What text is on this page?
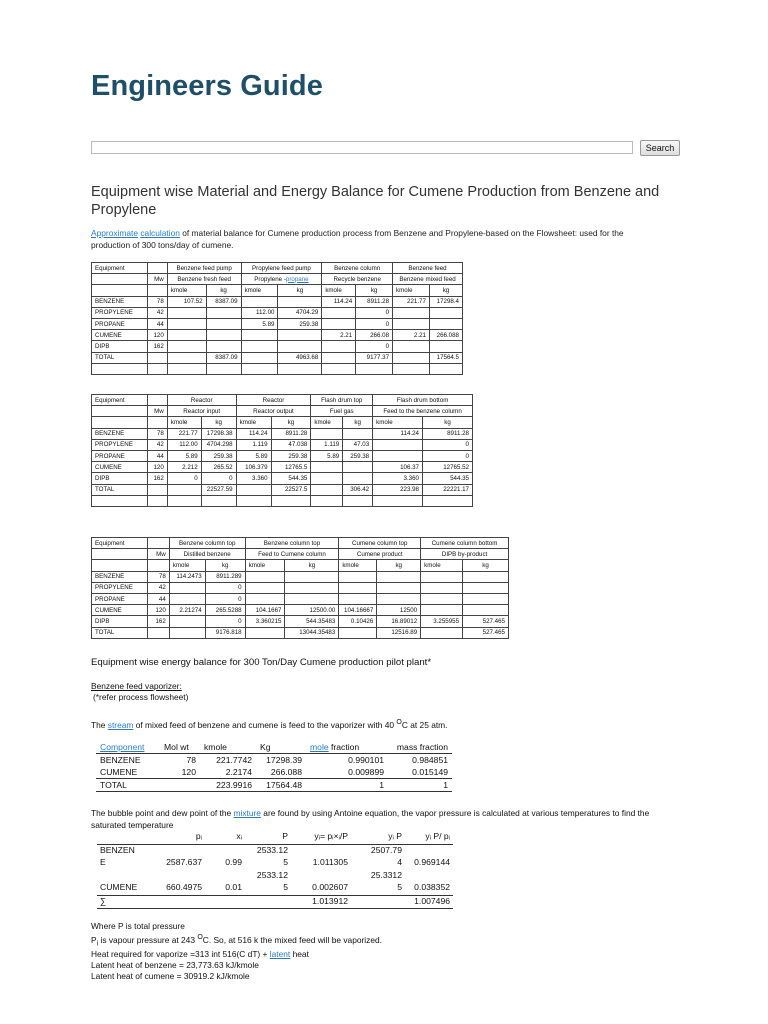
Engineers Guide
Search
Equipment wise Material and Energy Balance for Cumene Production from Benzene and Propylene
Approximate calculation of material balance for Cumene production process from Benzene and Propylene-based on the Flowsheet: used for the production of 300 tons/day of cumene.
Equipment		Benzene feed pump		Propylene feed pump		Benzene column		Benzene feed	
	Mw	Benzene fresh feed		Propylene -propane		Recycle benzene		Benzene mixed feed	
		kmole	kg	kmole	kg	kmole	kg	kmole	kg
BENZENE	78	107.52	8387.09			114.24	8911.28	221.77	17298.4
PROPYLENE	42			112.00	4704.29		0		
PROPANE	44			5.89	259.38		0		
CUMENE	120					2.21	266.08	2.21	266.088
DIPB	162						0		
TOTAL			8387.09		4963.68		9177.37		17564.5

Equipment		Reactor		Reactor		Flash drum top		Flash drum bottom	
	Mw	Reactor input		Reactor output		Fuel gas		Feed to the benzene column	
		kmole	kg	kmole	kg	kmole	kg	kmole	kg
BENZENE	78	221.77	17298.38	114.24	8911.28			114.24	8911.28
PROPYLENE	42	112.00	4704.298	1.119	47.038	1.119	47.03		0
PROPANE	44	5.89	259.38	5.89	259.38	5.89	259.38		0
CUMENE	120	2.212	265.52	106.379	12765.5			106.37	12765.52
DIPB	162	0	0	3.360	544.35			3.360	544.35
TOTAL			22527.59		22527.5		306.42	223.98	22221.17

Equipment		Benzene column top		Benzene column top		Cumene column top		Cumene column bottom	
	Mw	Distilled benzene		Feed to Cumene column		Cumene product		DIPB by-product	
		kmole	kg	kmole	kg	kmole	kg	kmole	kg
BENZENE	78	114.2473	8911.289						
PROPYLENE	42		0						
PROPANE	44		0						
CUMENE	120	2.21274	265.5288	104.1667	12500.00	104.16667	12500		
DIPB	162		0	3.360215	544.35483	0.10426	16.89012	3.255955	527.465
TOTAL			9176.818		13044.35483		12516.89		527.465
Equipment wise energy balance for 300 Ton/Day Cumene production pilot plant*
Benzene feed vaporizer:
(*refer process flowsheet)
The stream of mixed feed of benzene and cumene is feed to the vaporizer with 40 $^O$C at 25 atm.
Component	Mol wt	kmole	Kg	mole fraction	mass fraction
BENZENE	78	221.7742	17298.39	0.990101	0.984851
CUMENE	120	2.2174	266.088	0.009899	0.015149
TOTAL		223.9916	17564.48	1	1
The bubble point and dew point of the mixture are found by using Antoine equation, the vapor pressure is calculated at various temperatures to find the saturated temperature
	pᵢ	xᵢ	P	yᵢ= pᵢ×ᵢ/P	yᵢ P	yᵢ P/ pᵢ
BENZEN			2533.12		2507.79	
E	2587.637	0.99	5	1.011305	4	0.969144
			2533.12		25.3312	
CUMENE	660.4975	0.01	5	0.002607	5	0.038352
∑				1.013912		1.007496
Where P is total pressure
$P_i$ is vapour pressure at 243 $^O$C. So, at 516 k the mixed feed will be vaporized.
Heat required for vaporize =313 int 516(C dT) + latent heat
Latent heat of benzene = 23,773.63 kJ/kmole
Latent heat of cumene = 30919.2 kJ/kmole
